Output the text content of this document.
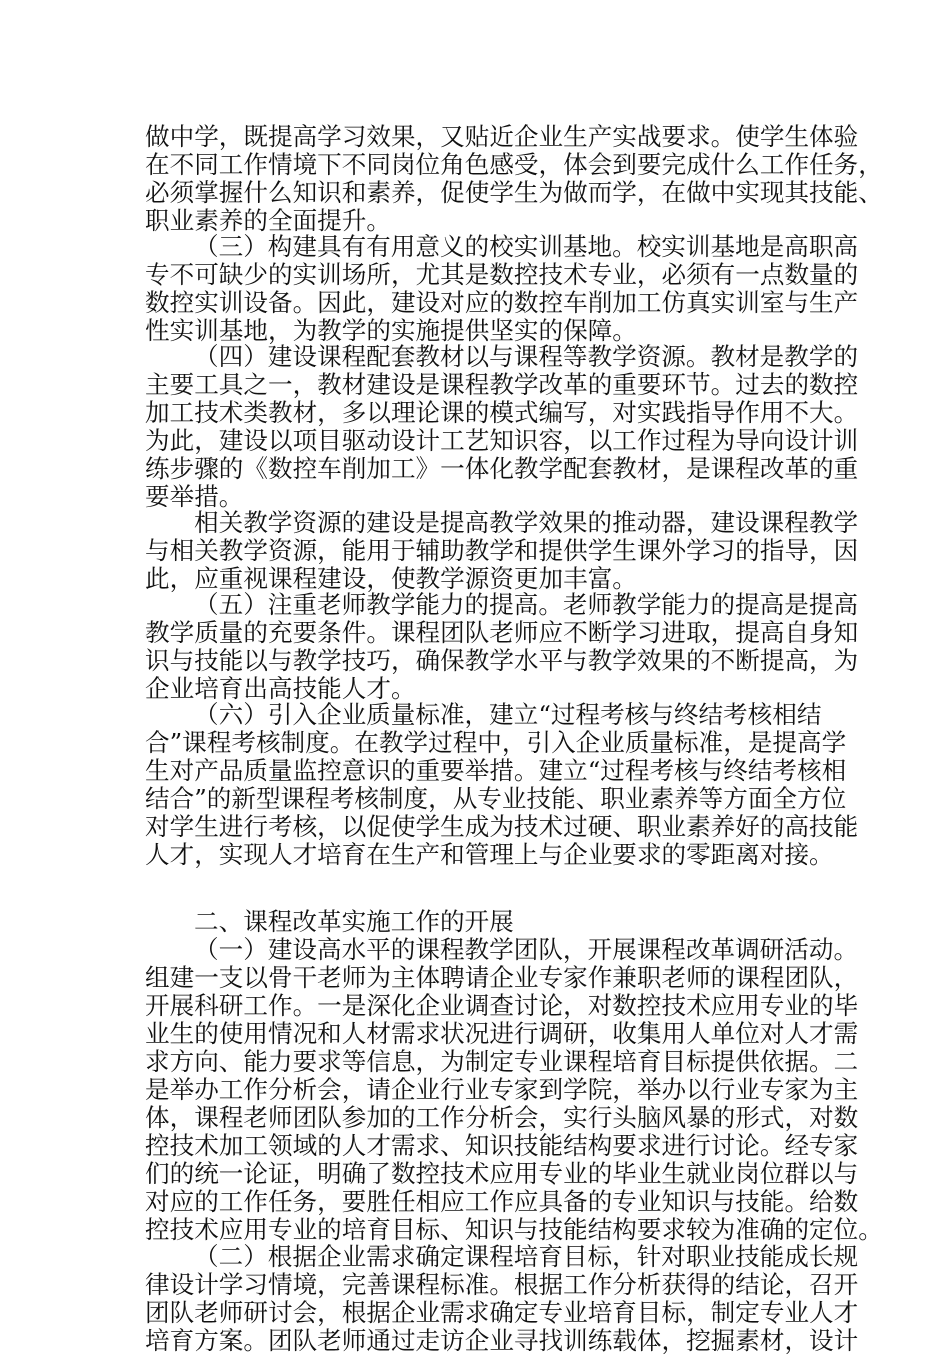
做中学，既提高学习效果，又贴近企业生产实战要求。使学生体验
在不同工作情境下不同岗位角色感受，体会到要完成什么工作任务，
必须掌握什么知识和素养，促使学生为做而学，在做中实现其技能、
职业素养的全面提升。
（三）构建具有有用意义的校实训基地。校实训基地是高职高
专不可缺少的实训场所，尤其是数控技术专业，必须有一点数量的
数控实训设备。因此，建设对应的数控车削加工仿真实训室与生产
性实训基地，为教学的实施提供坚实的保障。
（四）建设课程配套教材以与课程等教学资源。教材是教学的
主要工具之一，教材建设是课程教学改革的重要环节。过去的数控
加工技术类教材，多以理论课的模式编写，对实践指导作用不大。
为此，建设以项目驱动设计工艺知识容，以工作过程为导向设计训
练步骤的《数控车削加工》一体化教学配套教材，是课程改革的重
要举措。
相关教学资源的建设是提高教学效果的推动器，建设课程教学
与相关教学资源，能用于辅助教学和提供学生课外学习的指导，因
此，应重视课程建设，使教学源资更加丰富。
（五）注重老师教学能力的提高。老师教学能力的提高是提高
教学质量的充要条件。课程团队老师应不断学习进取，提高自身知
识与技能以与教学技巧，确保教学水平与教学效果的不断提高，为
企业培育出高技能人才。
（六）引入企业质量标准，建立“过程考核与终结考核相结
合”课程考核制度。在教学过程中，引入企业质量标准，是提高学
生对产品质量监控意识的重要举措。建立“过程考核与终结考核相
结合”的新型课程考核制度，从专业技能、职业素养等方面全方位
对学生进行考核，以促使学生成为技术过硬、职业素养好的高技能
人才，实现人才培育在生产和管理上与企业要求的零距离对接。
二、课程改革实施工作的开展
（一）建设高水平的课程教学团队，开展课程改革调研活动。
组建一支以骨干老师为主体聘请企业专家作兼职老师的课程团队，
开展科研工作。一是深化企业调查讨论，对数控技术应用专业的毕
业生的使用情况和人材需求状况进行调研，收集用人单位对人才需
求方向、能力要求等信息，为制定专业课程培育目标提供依据。二
是举办工作分析会，请企业行业专家到学院，举办以行业专家为主
体，课程老师团队参加的工作分析会，实行头脑风暴的形式，对数
控技术加工领域的人才需求、知识技能结构要求进行讨论。经专家
们的统一论证，明确了数控技术应用专业的毕业生就业岗位群以与
对应的工作任务，要胜任相应工作应具备的专业知识与技能。给数
控技术应用专业的培育目标、知识与技能结构要求较为准确的定位。
（二）根据企业需求确定课程培育目标，针对职业技能成长规
律设计学习情境，完善课程标准。根据工作分析获得的结论，召开
团队老师研讨会，根据企业需求确定专业培育目标，制定专业人才
培育方案。团队老师通过走访企业寻找训练载体，挖掘素材，设计
